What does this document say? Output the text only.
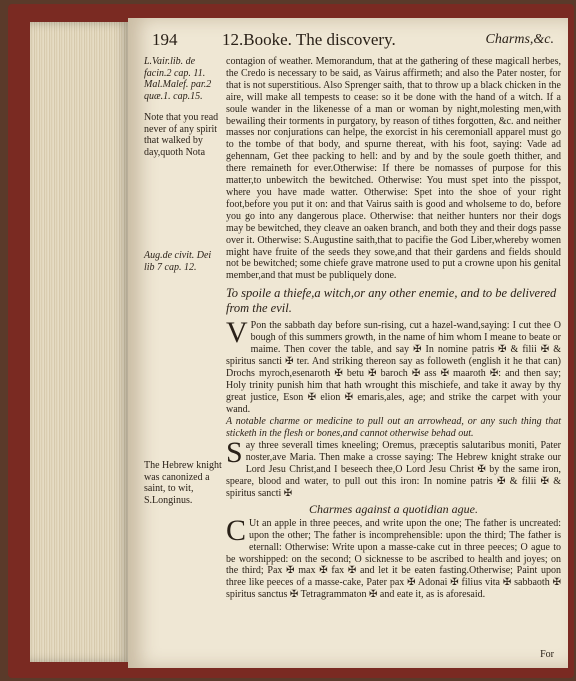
194	12.Booke. The discovery.	Charms,&c.
L.Vair.lib. de facin.2 cap. 11. Mal.Malef. par.2 quæ.1. cap.15.
Note that you read never of any spirit that walked by day,quoth Nota
Aug.de civit. Dei lib 7 cap. 12.
The Hebrew knight was canonized a saint, to wit, S.Longinus.

contagion of weather. Memorandum, that at the gathering of these magicall herbes, the Credo is necessary to be said, as Vairus affirmeth; and also the Pater noster, for that is not superstitious. Also Sprenger saith, that to throw up a black chicken in the aire, will make all tempests to cease: so it be done with the hand of a witch. If a soule wander in the likenesse of a man or woman by night,molesting men,with bewailing their torments in purgatory, by reason of tithes forgotten, &c. and neither masses nor conjurations can helpe, the exorcist in his ceremoniall apparel must go to the tombe of that body, and spurne thereat, with his foot, saying: Vade ad gehennam, Get thee packing to hell: and by and by the soule goeth thither, and there remaineth for ever.Otherwise: If there be nomasses of purpose for this matter,to unbewitch the bewitched. Otherwise: You must spet into the pisspot, where you have made watter. Otherwise: Spet into the shoe of your right foot,before you put it on: and that Vairus saith is good and wholseme to do, before you go into any dangerous place. Otherwise: that neither hunters nor their dogs may be bewitched, they cleave an oaken branch, and both they and their dogs passe over it. Otherwise: S.Augustine saith,that to pacifie the God Liber,whereby women might have fruite of the seeds they sowe,and that their gardens and fields should not be bewitched; some chiefe grave matrone used to put a crowne upon his genital member,and that must be publiquely done.

To spoile a thiefe,a witch,or any other enemie, and to be delivered from the evil.

V Pon the sabbath day before sun-rising, cut a hazel-wand,saying: I cut thee O bough of this summers growth, in the name of him whom I meane to beate or maime. Then cover the table, and say ✠ In nomine patris ✠ & filii ✠ & spiritus sancti ✠ ter. And striking thereon say as followeth (english it he that can) Drochs myroch,esenaroth ✠ betu ✠ baroch ✠ ass ✠ maaroth ✠: and then say; Holy trinity punish him that hath wrought this mischiefe, and take it away by thy great justice, Eson ✠ elion ✠ emaris,ales, age; and strike the carpet with your wand.

A notable charme or medicine to pull out an arrowhead, or any such thing that sticketh in the flesh or bones,and cannot otherwise behad out.

S ay three severall times kneeling; Oremus, præceptis salutaribus moniti, Pater noster,ave Maria. Then make a crosse saying: The Hebrew knight strake our Lord Jesu Christ,and I beseech thee,O Lord Jesu Christ ✠ by the same iron, speare, blood and water, to pull out this iron: In nomine patris ✠ & filii ✠ & spiritus sancti ✠

Charmes against a quotidian ague.

C Ut an apple in three peeces, and write upon the one; The father is uncreated: upon the other; The father is incomprehensible: upon the third; The father is eternall: Otherwise: Write upon a masse-cake cut in three peeces; O ague to be worshipped: on the second; O sicknesse to be ascribed to health and joyes; on the third; Pax ✠ max ✠ fax ✠ and let it be eaten fasting.Otherwise; Paint upon three like peeces of a masse-cake, Pater pax ✠ Adonai ✠ filius vita ✠ sabbaoth ✠ spiritus sanctus ✠ Tetragrammaton ✠ and eate it, as is aforesaid.

For
